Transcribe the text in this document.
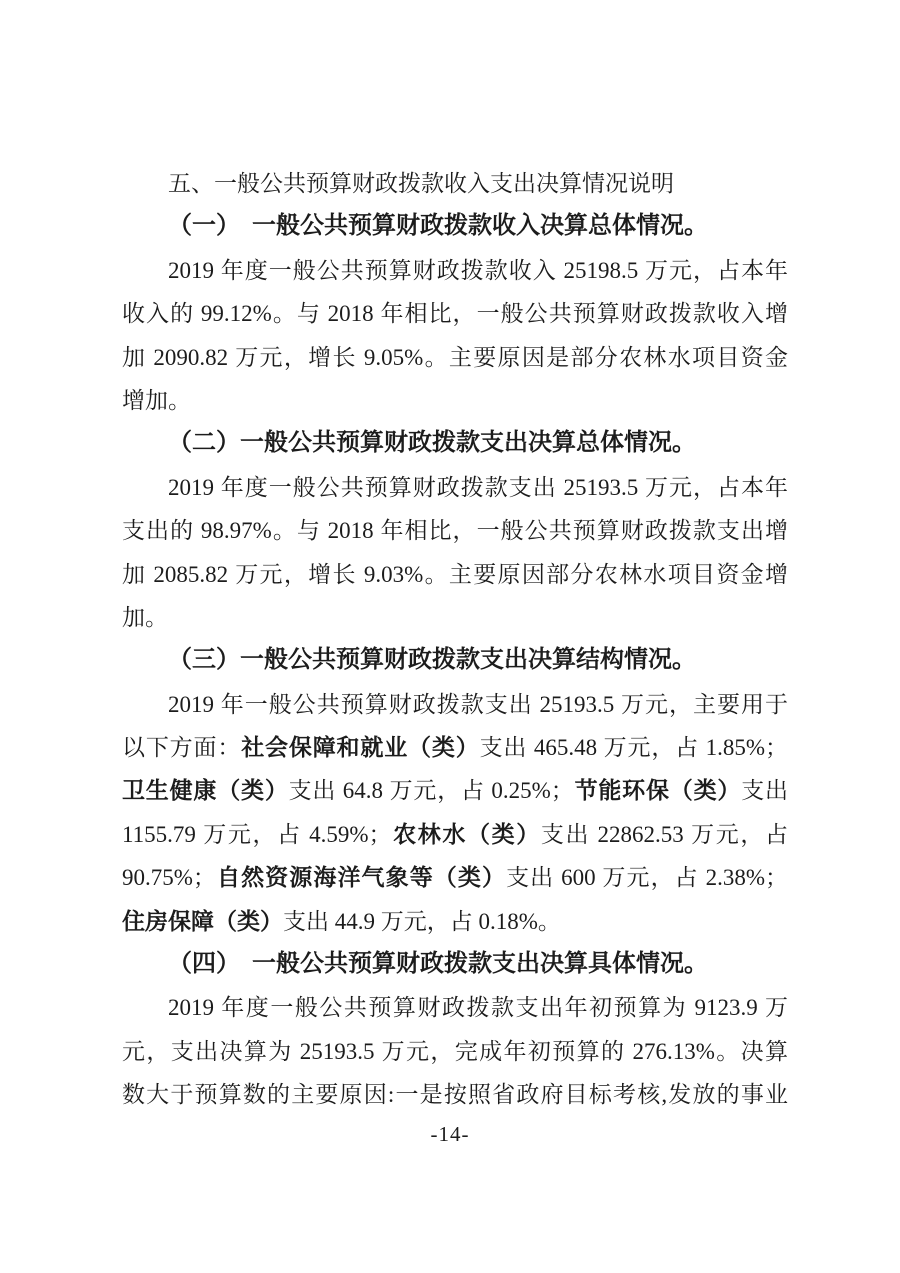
五、一般公共预算财政拨款收入支出决算情况说明
（一）　一般公共预算财政拨款收入决算总体情况。
2019 年度一般公共预算财政拨款收入 25198.5 万元，占本年
收入的 99.12%。与 2018 年相比，一般公共预算财政拨款收入增
加 2090.82 万元，增长 9.05%。主要原因是部分农林水项目资金
增加。
（二）一般公共预算财政拨款支出决算总体情况。
2019 年度一般公共预算财政拨款支出 25193.5 万元，占本年
支出的 98.97%。与 2018 年相比，一般公共预算财政拨款支出增
加 2085.82 万元，增长 9.03%。主要原因部分农林水项目资金增
加。
（三）一般公共预算财政拨款支出决算结构情况。
2019 年一般公共预算财政拨款支出 25193.5 万元，主要用于
以下方面：社会保障和就业（类）支出 465.48 万元，占 1.85%；
卫生健康（类）支出 64.8 万元，占 0.25%；节能环保（类）支出
1155.79 万元，占 4.59%；农林水（类）支出 22862.53 万元，占
90.75%；自然资源海洋气象等（类）支出 600 万元，占 2.38%；
住房保障（类）支出 44.9 万元，占 0.18%。
（四）　一般公共预算财政拨款支出决算具体情况。
2019 年度一般公共预算财政拨款支出年初预算为 9123.9 万
元，支出决算为 25193.5 万元，完成年初预算的 276.13%。决算
数大于预算数的主要原因:一是按照省政府目标考核,发放的事业
-14-
